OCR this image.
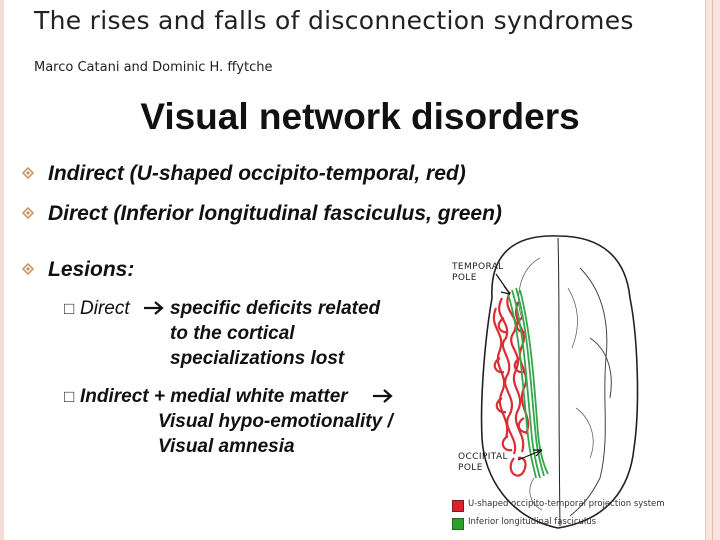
The rises and falls of disconnection syndromes
Marco Catani and Dominic H. ffytche
Visual network disorders
Indirect (U-shaped occipito-temporal, red)
Direct (Inferior longitudinal fasciculus, green)
Lesions:
□ Direct specific deficits related
to the cortical
specializations lost
□ Indirect + medial white matter
Visual hypo-emotionality /
Visual amnesia
TEMPORAL
POLE
OCCIPITAL
POLE
U-shaped occipito-temporal projection system
Inferior longitudinal fasciculus
